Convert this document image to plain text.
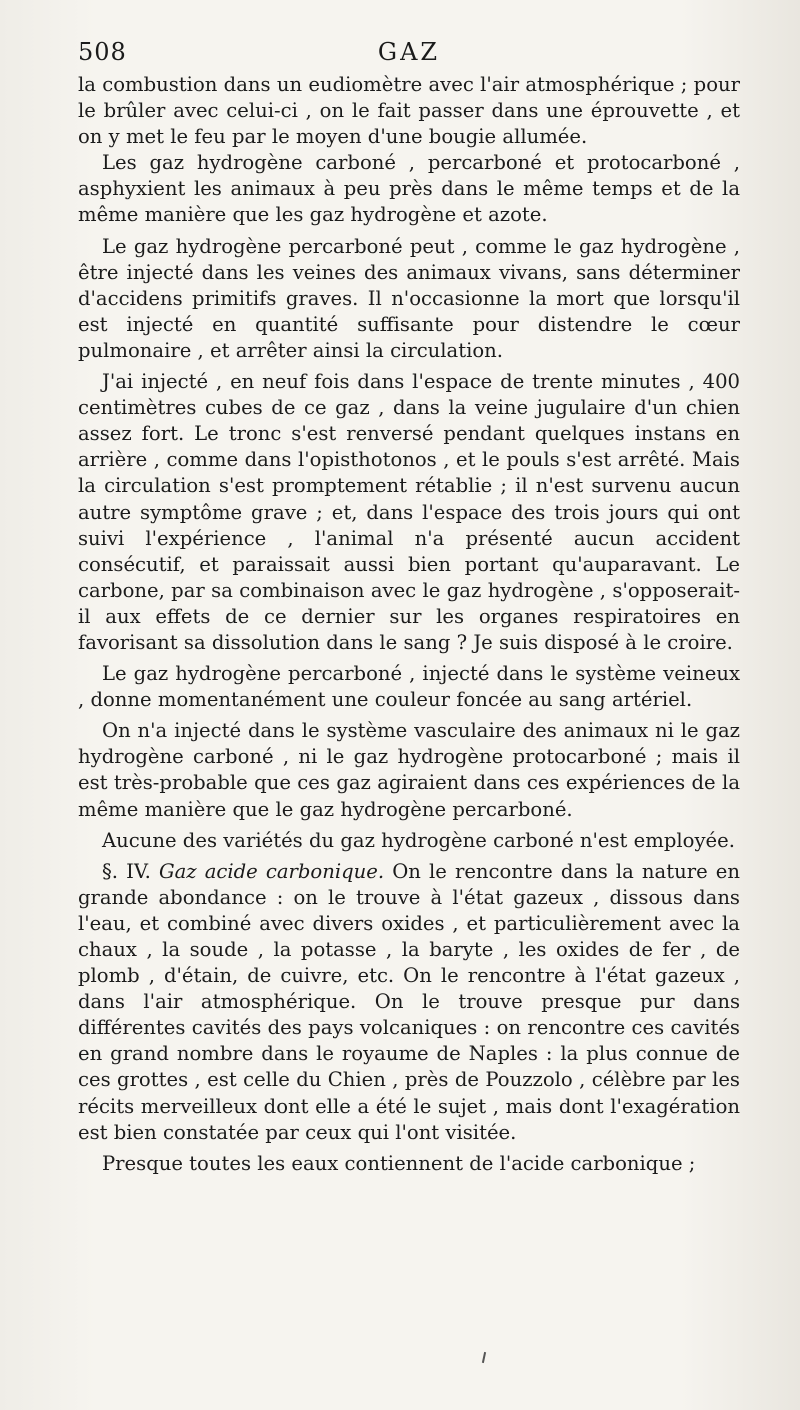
508	GAZ

la combustion dans un eudiomètre avec l'air atmosphérique ; pour le brûler avec celui-ci , on le fait passer dans une éprouvette , et on y met le feu par le moyen d'une bougie allumée.

Les gaz hydrogène carboné , percarboné et protocarboné , asphyxient les animaux à peu près dans le même temps et de la même manière que les gaz hydrogène et azote.

Le gaz hydrogène percarboné peut , comme le gaz hydrogène , être injecté dans les veines des animaux vivans, sans déterminer d'accidens primitifs graves. Il n'occasionne la mort que lorsqu'il est injecté en quantité suffisante pour distendre le cœur pulmonaire , et arrêter ainsi la circulation.

J'ai injecté , en neuf fois dans l'espace de trente minutes , 400 centimètres cubes de ce gaz , dans la veine jugulaire d'un chien assez fort. Le tronc s'est renversé pendant quelques instans en arrière , comme dans l'opisthotonos , et le pouls s'est arrêté. Mais la circulation s'est promptement rétablie ; il n'est survenu aucun autre symptôme grave ; et, dans l'espace des trois jours qui ont suivi l'expérience , l'animal n'a présenté aucun accident consécutif, et paraissait aussi bien portant qu'auparavant. Le carbone, par sa combinaison avec le gaz hydrogène , s'opposerait-il aux effets de ce dernier sur les organes respiratoires en favorisant sa dissolution dans le sang ? Je suis disposé à le croire.

Le gaz hydrogène percarboné , injecté dans le système veineux , donne momentanément une couleur foncée au sang artériel.

On n'a injecté dans le système vasculaire des animaux ni le gaz hydrogène carboné , ni le gaz hydrogène protocarboné ; mais il est très-probable que ces gaz agiraient dans ces expériences de la même manière que le gaz hydrogène percarboné.

Aucune des variétés du gaz hydrogène carboné n'est employée.

§. IV. Gaz acide carbonique. On le rencontre dans la nature en grande abondance : on le trouve à l'état gazeux , dissous dans l'eau, et combiné avec divers oxides , et particulièrement avec la chaux , la soude , la potasse , la baryte , les oxides de fer , de plomb , d'étain, de cuivre, etc. On le rencontre à l'état gazeux , dans l'air atmosphérique. On le trouve presque pur dans différentes cavités des pays volcaniques : on rencontre ces cavités en grand nombre dans le royaume de Naples : la plus connue de ces grottes , est celle du Chien , près de Pouzzolo , célèbre par les récits merveilleux dont elle a été le sujet , mais dont l'exagération est bien constatée par ceux qui l'ont visitée.

Presque toutes les eaux contiennent de l'acide carbonique ;
